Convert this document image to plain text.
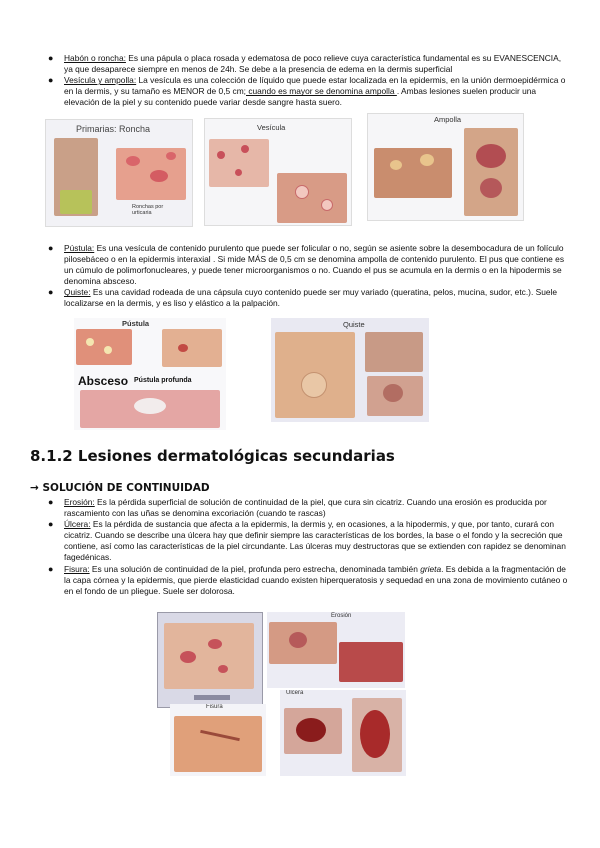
● Habón o roncha: Es una pápula o placa rosada y edematosa de poco relieve cuya característica fundamental es su EVANESCENCIA, ya que desaparece siempre en menos de 24h. Se debe a la presencia de edema en la dermis superficial
● Vesícula y ampolla: La vesícula es una colección de líquido que puede estar localizada en la epidermis, en la unión dermoepidérmica o en la dermis, y su tamaño es MENOR de 0,5 cm; cuando es mayor se denomina ampolla . Ambas lesiones suelen producir una elevación de la piel y su contenido puede variar desde sangre hasta suero.
Primarias: Roncha
Ronchas por urticaria
Vesícula
Ampolla
● Pústula: Es una vesícula de contenido purulento que puede ser folicular o no, según se asiente sobre la desembocadura de un folículo pilosebáceo o en la epidermis interaxial . Si mide MÁS de 0,5 cm se denomina ampolla de contenido purulento. El pus que contiene es un cúmulo de polimorfonucleares, y puede tener microorganismos o no. Cuando el pus se acumula en la dermis o en la hipodermis se denomina absceso.
● Quiste: Es una cavidad rodeada de una cápsula cuyo contenido puede ser muy variado (queratina, pelos, mucina, sudor, etc.). Suele localizarse en la dermis, y es liso y elástico a la palpación.
Pústula
Absceso Pústula profunda
Quiste
8.1.2 Lesiones dermatológicas secundarias
→ SOLUCIÓN DE CONTINUIDAD
● Erosión: Es la pérdida superficial de solución de continuidad de la piel, que cura sin cicatriz. Cuando una erosión es producida por rascamiento con las uñas se denomina excoriación (cuando te rascas)
● Úlcera: Es la pérdida de sustancia que afecta a la epidermis, la dermis y, en ocasiones, a la hipodermis, y que, por tanto, curará con cicatriz. Cuando se describe una úlcera hay que definir siempre las características de los bordes, la base o el fondo y la secreción que contiene, así como las características de la piel circundante. Las úlceras muy destructoras que se extienden con rapidez se denominan fagedénicas.
● Fisura: Es una solución de continuidad de la piel, profunda pero estrecha, denominada también grieta. Es debida a la fragmentación de la capa córnea y la epidermis, que pierde elasticidad cuando existen hiperqueratosis y sequedad en una zona de movimiento cutáneo o en el fondo de un pliegue. Suele ser dolorosa.
Erosión
Fisura
Úlcera
